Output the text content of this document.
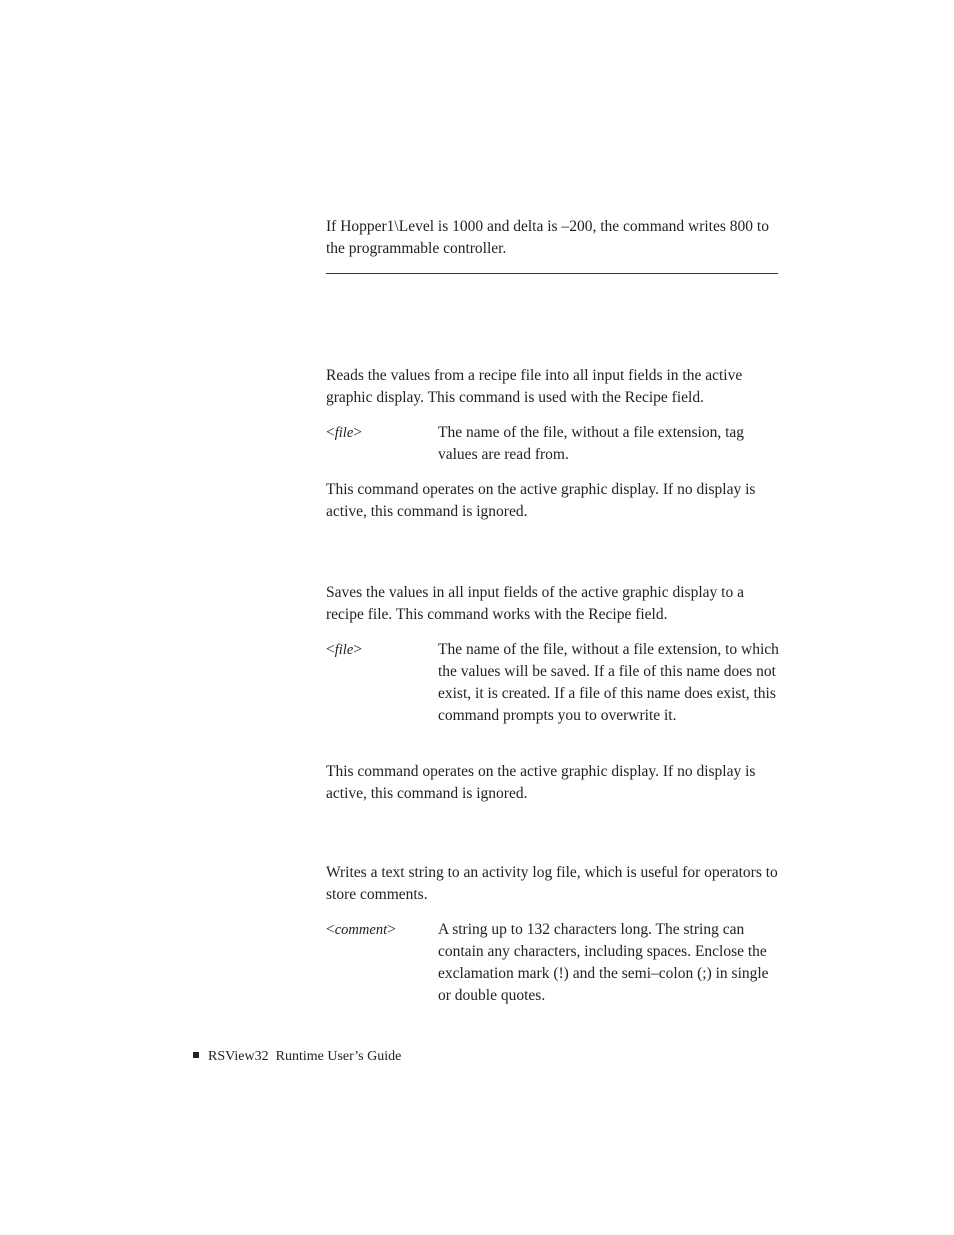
If Hopper1\Level is 1000 and delta is –200, the command writes 800 to the programmable controller.

Reads the values from a recipe file into all input fields in the active graphic display. This command is used with the Recipe field.

<file>	The name of the file, without a file extension, tag values are read from.

This command operates on the active graphic display. If no display is active, this command is ignored.

Saves the values in all input fields of the active graphic display to a recipe file. This command works with the Recipe field.

<file>	The name of the file, without a file extension, to which the values will be saved. If a file of this name does not exist, it is created. If a file of this name does exist, this command prompts you to overwrite it.

This command operates on the active graphic display. If no display is active, this command is ignored.

Writes a text string to an activity log file, which is useful for operators to store comments.

<comment>	A string up to 132 characters long. The string can contain any characters, including spaces. Enclose the exclamation mark (!) and the semi–colon (;) in single or double quotes.
RSView32  Runtime User’s Guide
